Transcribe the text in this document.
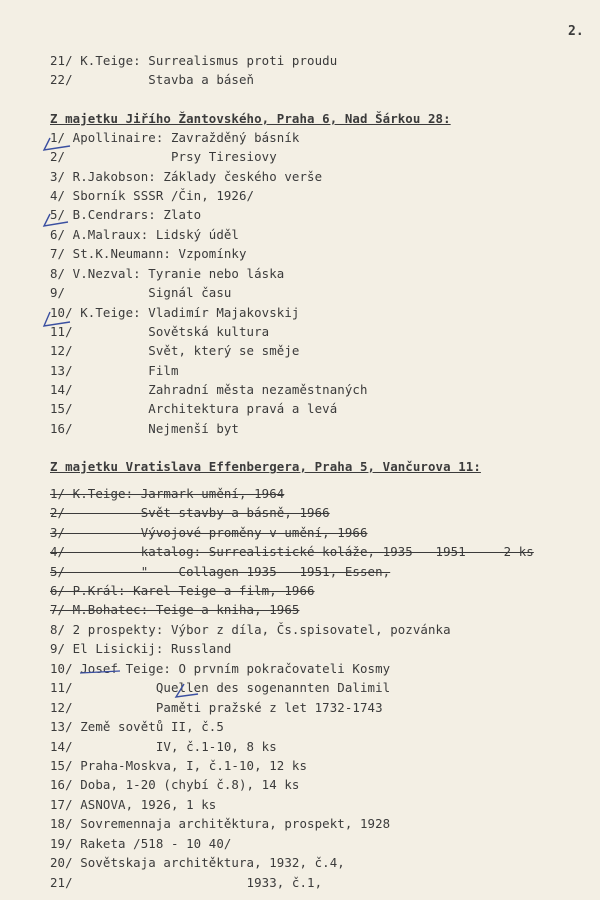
2.
21/ K.Teige: Surrealismus proti proudu
22/          Stavba a báseň
Z majetku Jiřího Žantovského, Praha 6, Nad Šárkou 28:
1/ Apollinaire: Zavražděný básník
2/              Prsy Tiresiovy
3/ R.Jakobson: Základy českého verše
4/ Sborník SSSR /Čin, 1926/
5/ B.Cendrars: Zlato
6/ A.Malraux: Lidský úděl
7/ St.K.Neumann: Vzpomínky
8/ V.Nezval: Tyranie nebo láska
9/           Signál času
10/ K.Teige: Vladimír Majakovskij
11/          Sovětská kultura
12/          Svět, který se směje
13/          Film
14/          Zahradní města nezaměstnaných
15/          Architektura pravá a levá
16/          Nejmenší byt
Z majetku Vratislava Effenbergera, Praha 5, Vančurova 11:
1/ K.Teige: Jarmark umění, 1964
2/          Svět stavby a básně, 1966
3/          Vývojové proměny v umění, 1966
4/          katalog: Surrealistické koláže, 1935 - 1951     2 ks
5/          "    Collagen 1935 - 1951, Essen,
6/ P.Král: Karel Teige a film, 1966
7/ M.Bohatec: Teige a kniha, 1965
8/ 2 prospekty: Výbor z díla, Čs.spisovatel, pozvánka
9/ El Lisickij: Russland
10/ Josef Teige: O prvním pokračovateli Kosmy
11/           Quellen des sogenannten Dalimil
12/           Paměti pražské z let 1732-1743
13/ Země sovětů II, č.5
14/           IV, č.1-10, 8 ks
15/ Praha-Moskva, I, č.1-10, 12 ks
16/ Doba, 1-20 (chybí č.8), 14 ks
17/ ASNOVA, 1926, 1 ks
18/ Sovremennaja architěktura, prospekt, 1928
19/ Raketa /518 - 10 40/
20/ Sovětskaja architěktura, 1932, č.4,
21/                       1933, č.1,
